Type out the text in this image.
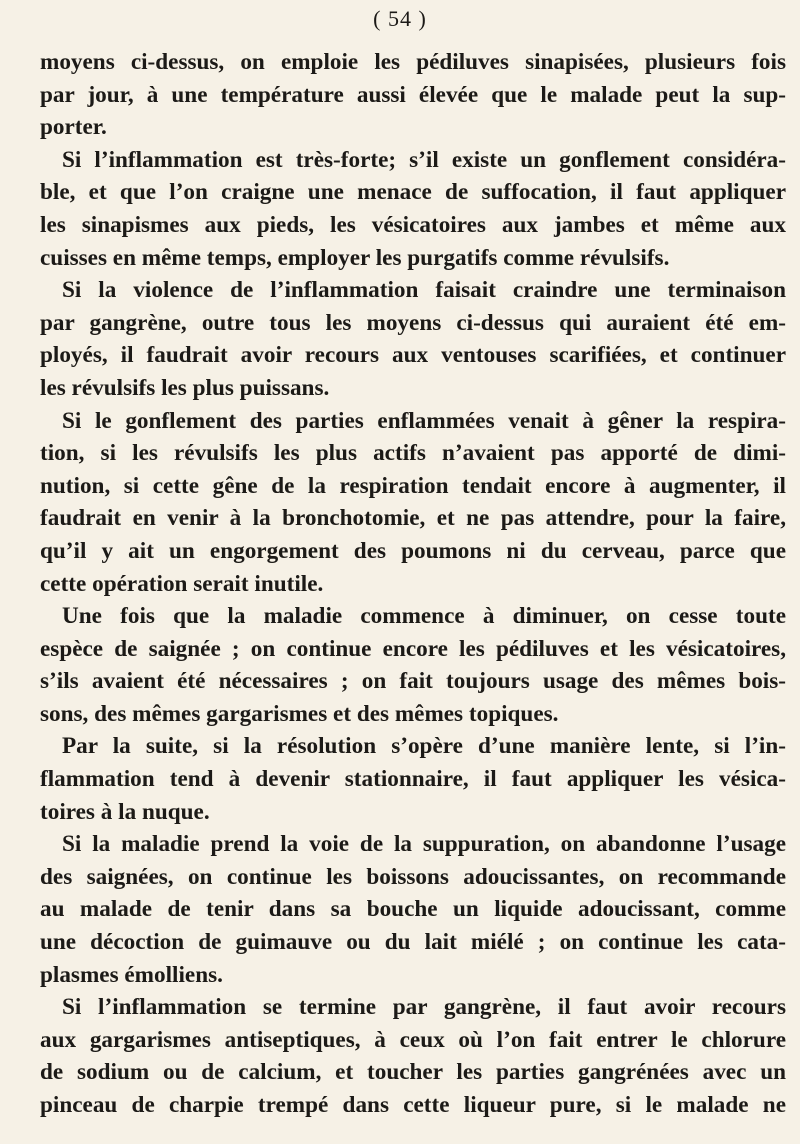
( 54 )
moyens ci-dessus, on emploie les pédiluves sinapisées, plusieurs fois
par jour, à une température aussi élevée que le malade peut la sup-
porter.
Si l’inflammation est très-forte; s’il existe un gonflement considéra-
ble, et que l’on craigne une menace de suffocation, il faut appliquer
les sinapismes aux pieds, les vésicatoires aux jambes et même aux
cuisses en même temps, employer les purgatifs comme révulsifs.
Si la violence de l’inflammation faisait craindre une terminaison
par gangrène, outre tous les moyens ci-dessus qui auraient été em-
ployés, il faudrait avoir recours aux ventouses scarifiées, et continuer
les révulsifs les plus puissans.
Si le gonflement des parties enflammées venait à gêner la respira-
tion, si les révulsifs les plus actifs n’avaient pas apporté de dimi-
nution, si cette gêne de la respiration tendait encore à augmenter, il
faudrait en venir à la bronchotomie, et ne pas attendre, pour la faire,
qu’il y ait un engorgement des poumons ni du cerveau, parce que
cette opération serait inutile.
Une fois que la maladie commence à diminuer, on cesse toute
espèce de saignée ; on continue encore les pédiluves et les vésicatoires,
s’ils avaient été nécessaires ; on fait toujours usage des mêmes bois-
sons, des mêmes gargarismes et des mêmes topiques.
Par la suite, si la résolution s’opère d’une manière lente, si l’in-
flammation tend à devenir stationnaire, il faut appliquer les vésica-
toires à la nuque.
Si la maladie prend la voie de la suppuration, on abandonne l’usage
des saignées, on continue les boissons adoucissantes, on recommande
au malade de tenir dans sa bouche un liquide adoucissant, comme
une décoction de guimauve ou du lait miélé ; on continue les cata-
plasmes émolliens.
Si l’inflammation se termine par gangrène, il faut avoir recours
aux gargarismes antiseptiques, à ceux où l’on fait entrer le chlorure
de sodium ou de calcium, et toucher les parties gangrénées avec un
pinceau de charpie trempé dans cette liqueur pure, si le malade ne
